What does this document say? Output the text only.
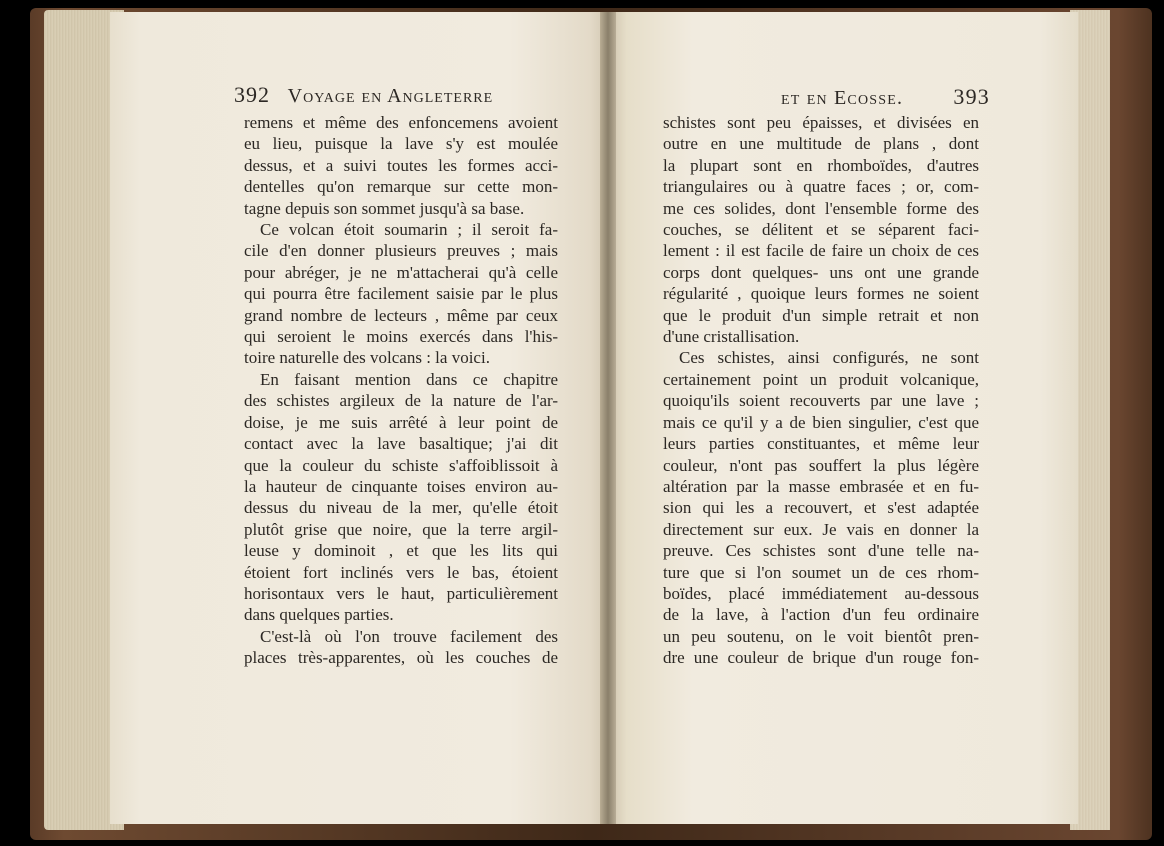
392 Voyage en Angleterre	et en Ecosse. 393
remens et même des enfoncemens avoient
eu lieu, puisque la lave s'y est moulée
dessus, et a suivi toutes les formes acci-
dentelles qu'on remarque sur cette mon-
tagne depuis son sommet jusqu'à sa base.
Ce volcan étoit soumarin ; il seroit fa-
cile d'en donner plusieurs preuves ; mais
pour abréger, je ne m'attacherai qu'à celle
qui pourra être facilement saisie par le plus
grand nombre de lecteurs , même par ceux
qui seroient le moins exercés dans l'his-
toire naturelle des volcans : la voici.
En faisant mention dans ce chapitre
des schistes argileux de la nature de l'ar-
doise, je me suis arrêté à leur point de
contact avec la lave basaltique; j'ai dit
que la couleur du schiste s'affoiblissoit à
la hauteur de cinquante toises environ au-
dessus du niveau de la mer, qu'elle étoit
plutôt grise que noire, que la terre argil-
leuse y dominoit , et que les lits qui
étoient fort inclinés vers le bas, étoient
horisontaux vers le haut, particulièrement
dans quelques parties.
C'est-là où l'on trouve facilement des
places très-apparentes, où les couches de
schistes sont peu épaisses, et divisées en
outre en une multitude de plans , dont
la plupart sont en rhomboïdes, d'autres
triangulaires ou à quatre faces ; or, com-
me ces solides, dont l'ensemble forme des
couches, se délitent et se séparent faci-
lement : il est facile de faire un choix de ces
corps dont quelques- uns ont une grande
régularité , quoique leurs formes ne soient
que le produit d'un simple retrait et non
d'une cristallisation.
Ces schistes, ainsi configurés, ne sont
certainement point un produit volcanique,
quoiqu'ils soient recouverts par une lave ;
mais ce qu'il y a de bien singulier, c'est que
leurs parties constituantes, et même leur
couleur, n'ont pas souffert la plus légère
altération par la masse embrasée et en fu-
sion qui les a recouvert, et s'est adaptée
directement sur eux. Je vais en donner la
preuve. Ces schistes sont d'une telle na-
ture que si l'on soumet un de ces rhom-
boïdes, placé immédiatement au-dessous
de la lave, à l'action d'un feu ordinaire
un peu soutenu, on le voit bientôt pren-
dre une couleur de brique d'un rouge fon-
